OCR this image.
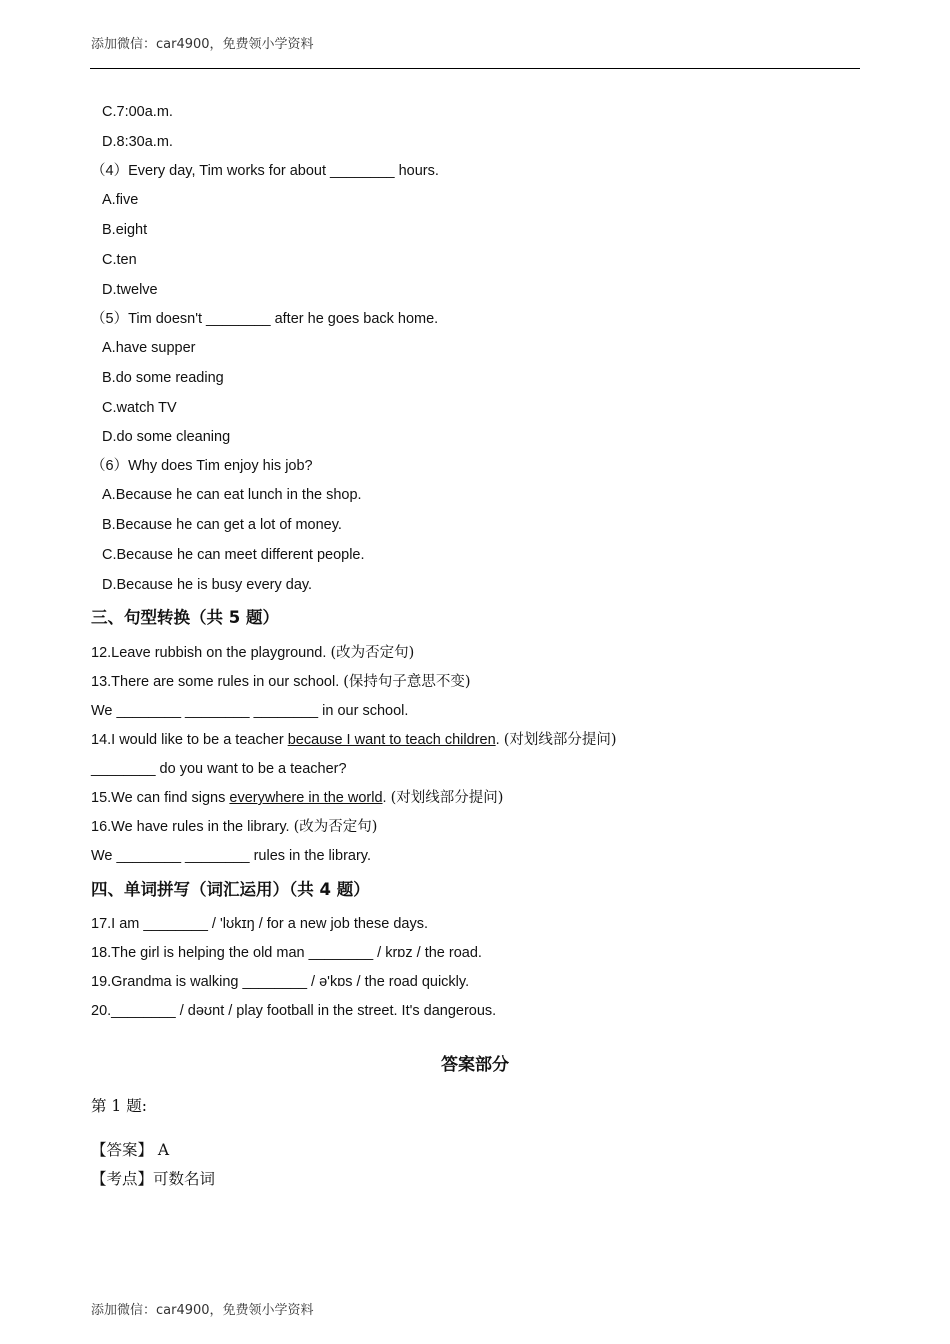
添加微信：car4900，免费领小学资料
C.7:00a.m.
D.8:30a.m.
（4）Every day, Tim works for about ________ hours.
A.five
B.eight
C.ten
D.twelve
（5）Tim doesn't ________ after he goes back home.
A.have supper
B.do some reading
C.watch TV
D.do some cleaning
（6）Why does Tim enjoy his job?
A.Because he can eat lunch in the shop.
B.Because he can get a lot of money.
C.Because he can meet different people.
D.Because he is busy every day.
三、句型转换（共 5 题）
12.Leave rubbish on the playground. (改为否定句)
13.There are some rules in our school. (保持句子意思不变)
We ________ ________ ________ in our school.
14.I would like to be a teacher because I want to teach children. (对划线部分提问)
________ do you want to be a teacher?
15.We can find signs everywhere in the world. (对划线部分提问)
16.We have rules in the library. (改为否定句)
We ________ ________ rules in the library.
四、单词拼写（词汇运用）（共 4 题）
17.I am ________ / 'lʊkɪŋ / for a new job these days.
18.The girl is helping the old man ________ / krɒz / the road.
19.Grandma is walking ________ / ə'kɒs / the road quickly.
20.________ / dəʊnt / play football in the street. It's dangerous.
答案部分
第 1 题:
【答案】 A
【考点】可数名词
添加微信：car4900，免费领小学资料
